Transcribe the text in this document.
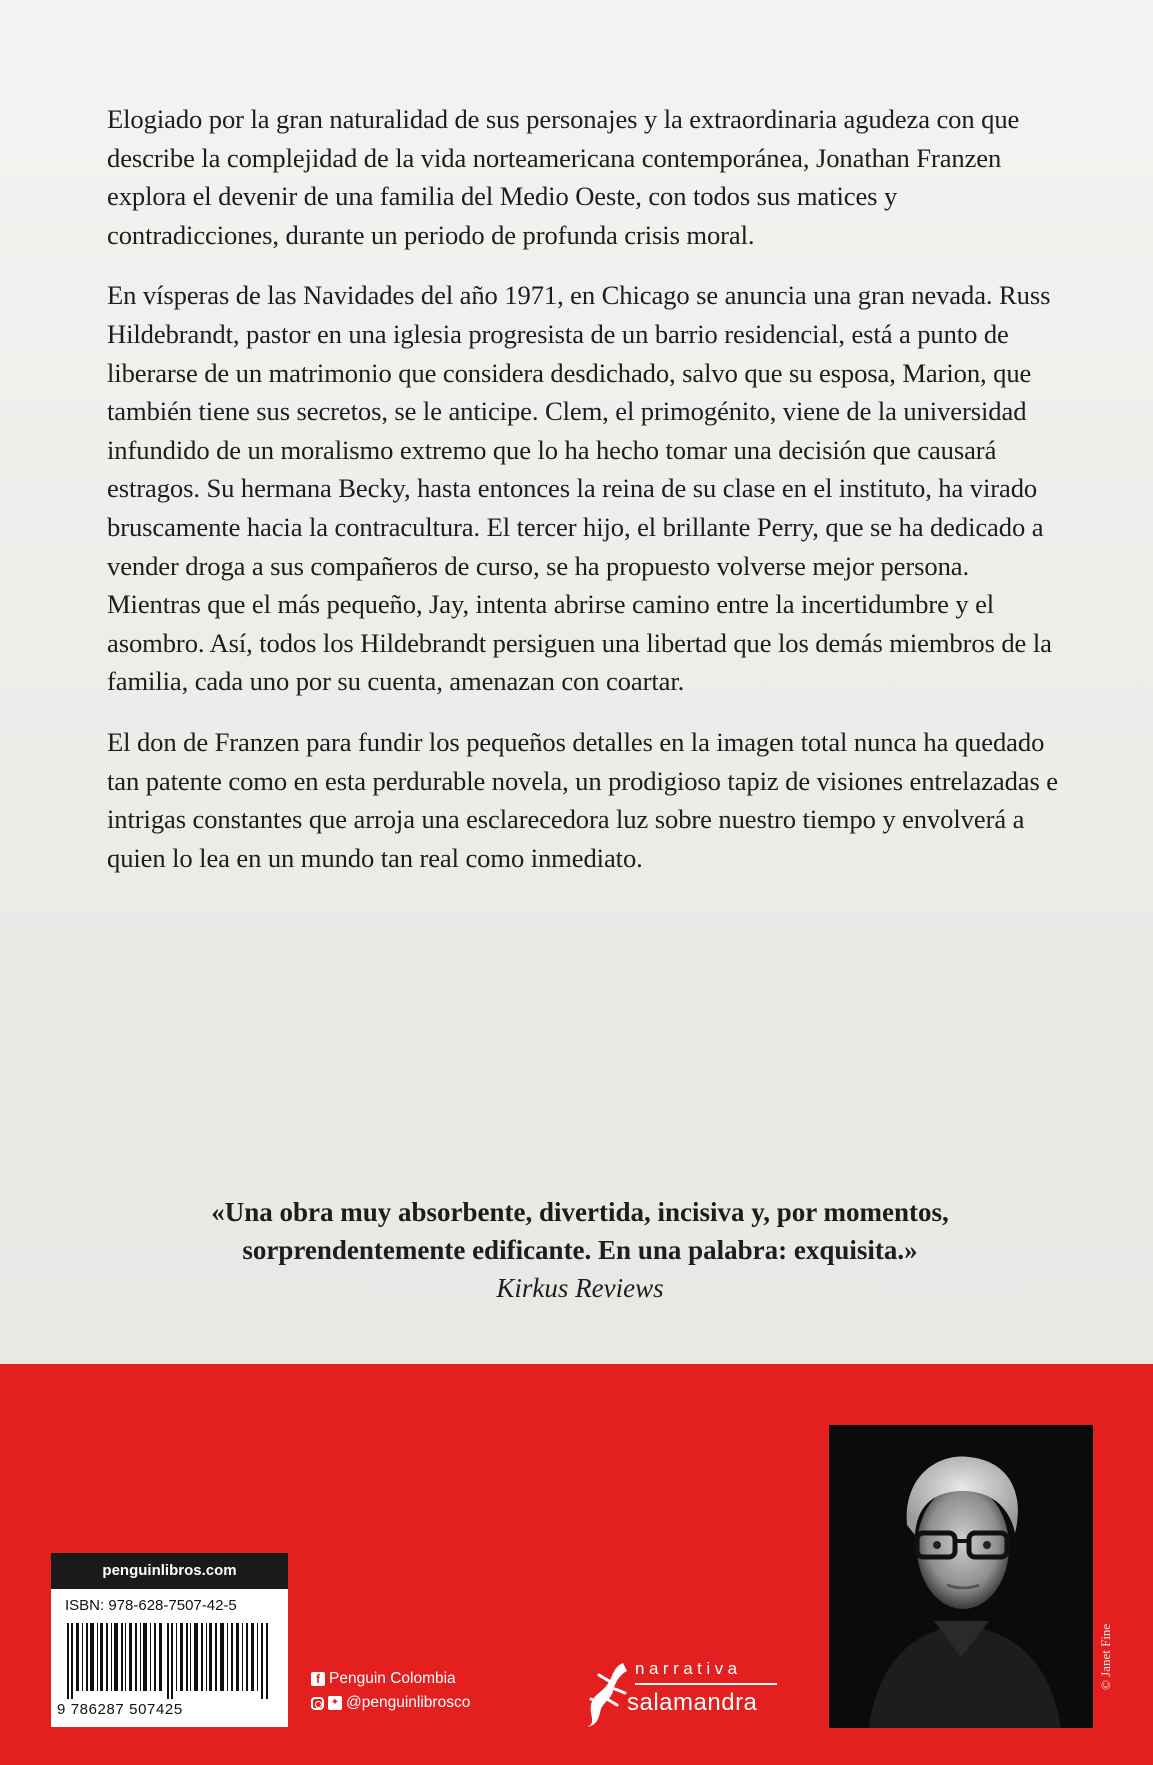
Elogiado por la gran naturalidad de sus personajes y la extraordinaria agudeza con que describe la complejidad de la vida norteamericana contemporánea, Jonathan Franzen explora el devenir de una familia del Medio Oeste, con todos sus matices y contradicciones, durante un periodo de profunda crisis moral.

En vísperas de las Navidades del año 1971, en Chicago se anuncia una gran nevada. Russ Hildebrandt, pastor en una iglesia progresista de un barrio residencial, está a punto de liberarse de un matrimonio que considera desdichado, salvo que su esposa, Marion, que también tiene sus secretos, se le anticipe. Clem, el primogénito, viene de la universidad infundido de un moralismo extremo que lo ha hecho tomar una decisión que causará estragos. Su hermana Becky, hasta entonces la reina de su clase en el instituto, ha virado bruscamente hacia la contracultura. El tercer hijo, el brillante Perry, que se ha dedicado a vender droga a sus compañeros de curso, se ha propuesto volverse mejor persona. Mientras que el más pequeño, Jay, intenta abrirse camino entre la incertidumbre y el asombro. Así, todos los Hildebrandt persiguen una libertad que los demás miembros de la familia, cada uno por su cuenta, amenazan con coartar.

El don de Franzen para fundir los pequeños detalles en la imagen total nunca ha quedado tan patente como en esta perdurable novela, un prodigioso tapiz de visiones entrelazadas e intrigas constantes que arroja una esclarecedora luz sobre nuestro tiempo y envolverá a quien lo lea en un mundo tan real como inmediato.

«Una obra muy absorbente, divertida, incisiva y, por momentos,

sorprendentemente edificante. En una palabra: exquisita.»

Kirkus Reviews

© Janet Fine
penguinlibros.com
ISBN: 978-628-7507-42-5
9 786287 507425
f Penguin Colombia
✦ @penguinlibrosco
narrativa
salamandra
